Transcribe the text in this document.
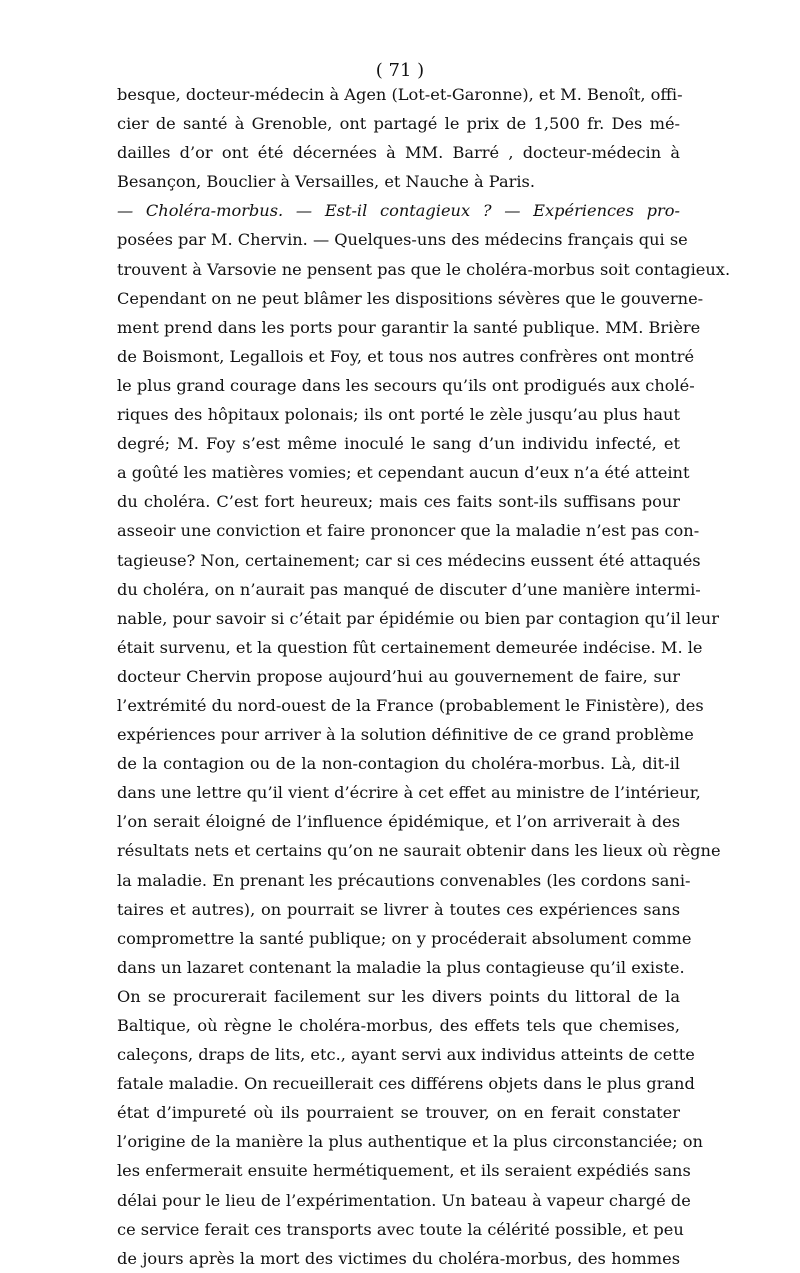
( 71 )
besque, docteur-médecin à Agen (Lot-et-Garonne), et M. Benoît, offi-
cier de santé à Grenoble, ont partagé le prix de 1,500 fr. Des mé-
dailles d’or ont été décernées à MM. Barré , docteur-médecin à
Besançon, Bouclier à Versailles, et Nauche à Paris.
— Choléra-morbus. — Est-il contagieux ? — Expériences pro-
posées par M. Chervin. — Quelques-uns des médecins français qui se
trouvent à Varsovie ne pensent pas que le choléra-morbus soit contagieux.
Cependant on ne peut blâmer les dispositions sévères que le gouverne-
ment prend dans les ports pour garantir la santé publique. MM. Brière
de Boismont, Legallois et Foy, et tous nos autres confrères ont montré
le plus grand courage dans les secours qu’ils ont prodigués aux cholé-
riques des hôpitaux polonais; ils ont porté le zèle jusqu’au plus haut
degré; M. Foy s’est même inoculé le sang d’un individu infecté, et
a goûté les matières vomies; et cependant aucun d’eux n’a été atteint
du choléra. C’est fort heureux; mais ces faits sont-ils suffisans pour
asseoir une conviction et faire prononcer que la maladie n’est pas con-
tagieuse? Non, certainement; car si ces médecins eussent été attaqués
du choléra, on n’aurait pas manqué de discuter d’une manière intermi-
nable, pour savoir si c’était par épidémie ou bien par contagion qu’il leur
était survenu, et la question fût certainement demeurée indécise. M. le
docteur Chervin propose aujourd’hui au gouvernement de faire, sur
l’extrémité du nord-ouest de la France (probablement le Finistère), des
expériences pour arriver à la solution définitive de ce grand problème
de la contagion ou de la non-contagion du choléra-morbus. Là, dit-il
dans une lettre qu’il vient d’écrire à cet effet au ministre de l’intérieur,
l’on serait éloigné de l’influence épidémique, et l’on arriverait à des
résultats nets et certains qu’on ne saurait obtenir dans les lieux où règne
la maladie. En prenant les précautions convenables (les cordons sani-
taires et autres), on pourrait se livrer à toutes ces expériences sans
compromettre la santé publique; on y procéderait absolument comme
dans un lazaret contenant la maladie la plus contagieuse qu’il existe.
On se procurerait facilement sur les divers points du littoral de la
Baltique, où règne le choléra-morbus, des effets tels que chemises,
caleçons, draps de lits, etc., ayant servi aux individus atteints de cette
fatale maladie. On recueillerait ces différens objets dans le plus grand
état d’impureté où ils pourraient se trouver, on en ferait constater
l’origine de la manière la plus authentique et la plus circonstanciée; on
les enfermerait ensuite hermétiquement, et ils seraient expédiés sans
délai pour le lieu de l’expérimentation. Un bateau à vapeur chargé de
ce service ferait ces transports avec toute la célérité possible, et peu
de jours après la mort des victimes du choléra-morbus, des hommes
